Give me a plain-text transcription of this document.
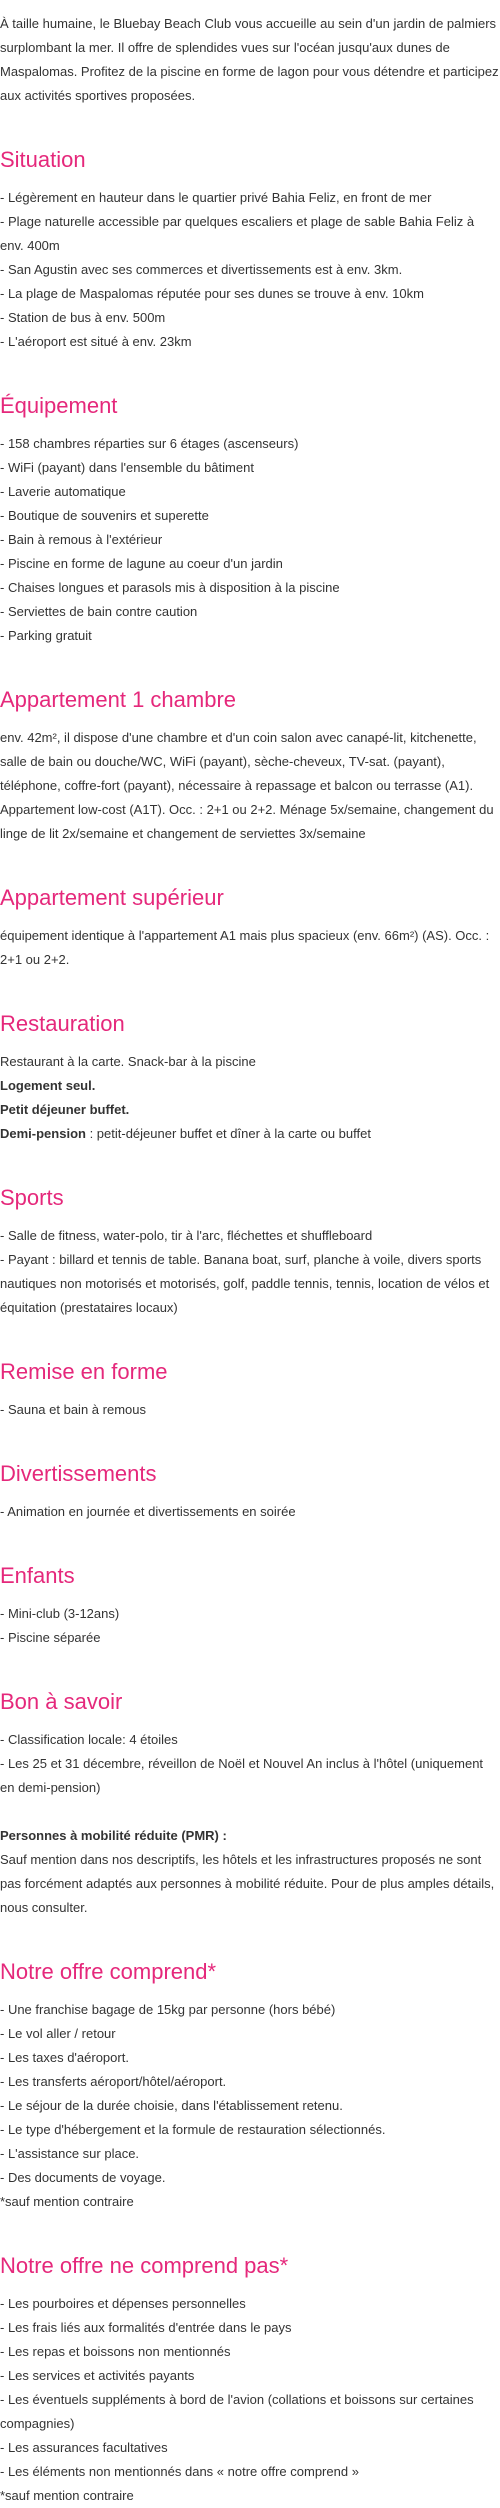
À taille humaine, le Bluebay Beach Club vous accueille au sein d'un jardin de palmiers surplombant la mer. Il offre de splendides vues sur l'océan jusqu'aux dunes de Maspalomas. Profitez de la piscine en forme de lagon pour vous détendre et participez aux activités sportives proposées.

Situation
- Légèrement en hauteur dans le quartier privé Bahia Feliz, en front de mer
- Plage naturelle accessible par quelques escaliers et plage de sable Bahia Feliz à env. 400m
- San Agustin avec ses commerces et divertissements est à env. 3km.
- La plage de Maspalomas réputée pour ses dunes se trouve à env. 10km
- Station de bus à env. 500m
- L'aéroport est situé à env. 23km
Équipement
- 158 chambres réparties sur 6 étages (ascenseurs)
- WiFi (payant) dans l'ensemble du bâtiment
- Laverie automatique
- Boutique de souvenirs et superette
- Bain à remous à l'extérieur
- Piscine en forme de lagune au coeur d'un jardin
- Chaises longues et parasols mis à disposition à la piscine
- Serviettes de bain contre caution
- Parking gratuit
Appartement 1 chambre

env. 42m², il dispose d'une chambre et d'un coin salon avec canapé-lit, kitchenette, salle de bain ou douche/WC, WiFi (payant), sèche-cheveux, TV-sat. (payant), téléphone, coffre-fort (payant), nécessaire à repassage et balcon ou terrasse (A1). Appartement low-cost (A1T). Occ. : 2+1 ou 2+2. Ménage 5x/semaine, changement du linge de lit 2x/semaine et changement de serviettes 3x/semaine

Appartement supérieur

équipement identique à l'appartement A1 mais plus spacieux (env. 66m²) (AS). Occ. : 2+1 ou 2+2.

Restauration
Restaurant à la carte. Snack-bar à la piscine
Logement seul.
Petit déjeuner buffet.
Demi-pension : petit-déjeuner buffet et dîner à la carte ou buffet
Sports
- Salle de fitness, water-polo, tir à l'arc, fléchettes et shuffleboard
- Payant : billard et tennis de table. Banana boat, surf, planche à voile, divers sports nautiques non motorisés et motorisés, golf, paddle tennis, tennis, location de vélos et équitation (prestataires locaux)
Remise en forme
- Sauna et bain à remous
Divertissements
- Animation en journée et divertissements en soirée
Enfants
- Mini-club (3-12ans)
- Piscine séparée
Bon à savoir
- Classification locale: 4 étoiles
- Les 25 et 31 décembre, réveillon de Noël et Nouvel An inclus à l'hôtel (uniquement en demi-pension)
Personnes à mobilité réduite (PMR) :

Sauf mention dans nos descriptifs, les hôtels et les infrastructures proposés ne sont pas forcément adaptés aux personnes à mobilité réduite. Pour de plus amples détails, nous consulter.

Notre offre comprend*
- Une franchise bagage de 15kg par personne (hors bébé)
- Le vol aller / retour
- Les taxes d'aéroport.
- Les transferts aéroport/hôtel/aéroport.
- Le séjour de la durée choisie, dans l'établissement retenu.
- Le type d'hébergement et la formule de restauration sélectionnés.
- L'assistance sur place.
- Des documents de voyage.
*sauf mention contraire
Notre offre ne comprend pas*
- Les pourboires et dépenses personnelles
- Les frais liés aux formalités d'entrée dans le pays
- Les repas et boissons non mentionnés
- Les services et activités payants
- Les éventuels suppléments à bord de l'avion (collations et boissons sur certaines compagnies)
- Les assurances facultatives
- Les éléments non mentionnés dans « notre offre comprend »
*sauf mention contraire
